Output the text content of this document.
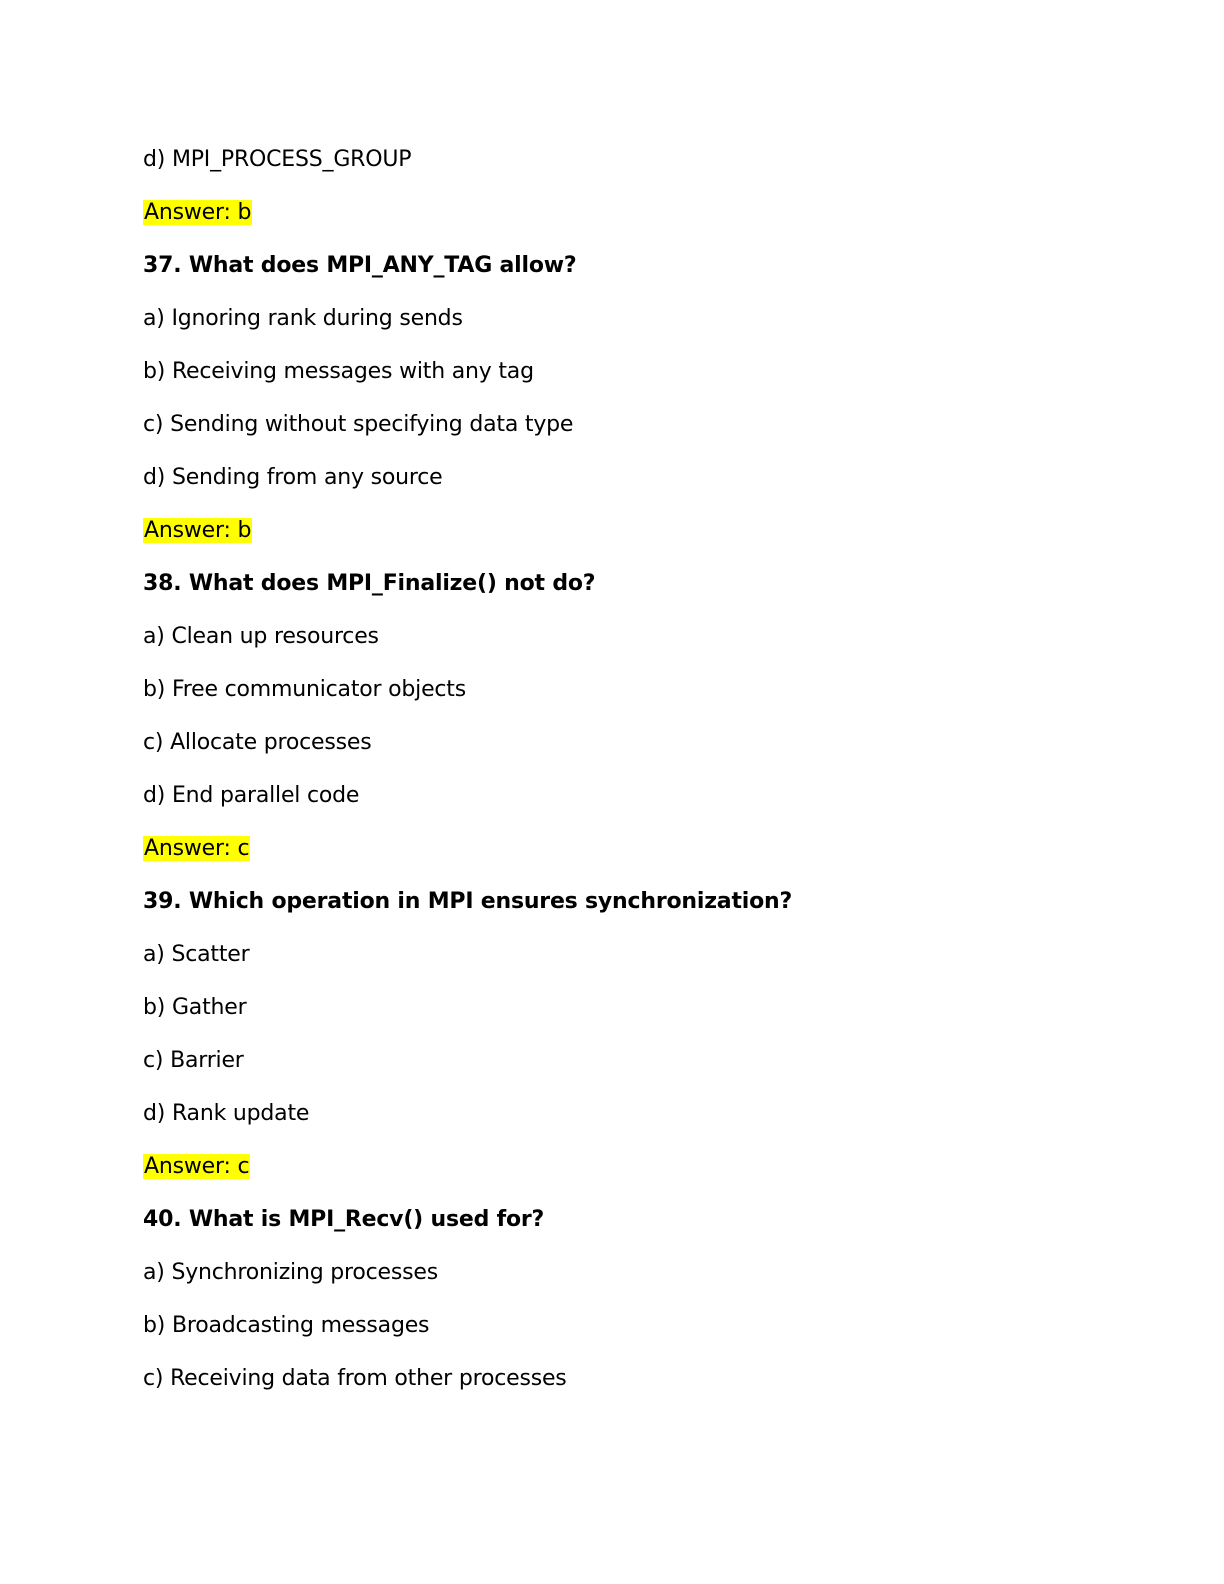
d) MPI_PROCESS_GROUP
Answer: b
37. What does MPI_ANY_TAG allow?
a) Ignoring rank during sends
b) Receiving messages with any tag
c) Sending without specifying data type
d) Sending from any source
Answer: b
38. What does MPI_Finalize() not do?
a) Clean up resources
b) Free communicator objects
c) Allocate processes
d) End parallel code
Answer: c
39. Which operation in MPI ensures synchronization?
a) Scatter
b) Gather
c) Barrier
d) Rank update
Answer: c
40. What is MPI_Recv() used for?
a) Synchronizing processes
b) Broadcasting messages
c) Receiving data from other processes
